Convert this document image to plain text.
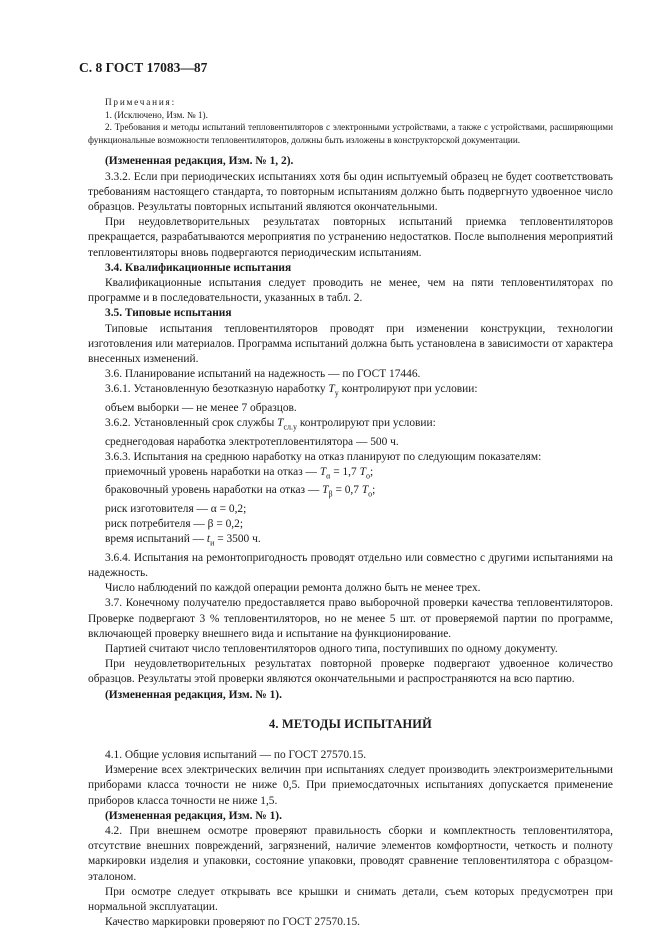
С. 8 ГОСТ 17083—87

Примечания:

1. (Исключено, Изм. № 1).

2. Требования и методы испытаний тепловентиляторов с электронными устройствами, а также с устройствами, расширяющими функциональные возможности тепловентиляторов, должны быть изложены в конструкторской документации.

(Измененная редакция, Изм. № 1, 2).

3.3.2. Если при периодических испытаниях хотя бы один испытуемый образец не будет соответствовать требованиям настоящего стандарта, то повторным испытаниям должно быть подвергнуто удвоенное число образцов. Результаты повторных испытаний являются окончательными.

При неудовлетворительных результатах повторных испытаний приемка тепловентиляторов прекращается, разрабатываются мероприятия по устранению недостатков. После выполнения мероприятий тепловентиляторы вновь подвергаются периодическим испытаниям.

3.4. Квалификационные испытания

Квалификационные испытания следует проводить не менее, чем на пяти тепловентиляторах по программе и в последовательности, указанных в табл. 2.

3.5. Типовые испытания

Типовые испытания тепловентиляторов проводят при изменении конструкции, технологии изготовления или материалов. Программа испытаний должна быть установлена в зависимости от характера внесенных изменений.

3.6. Планирование испытаний на надежность — по ГОСТ 17446.

3.6.1. Установленную безотказную наработку $T_у$ контролируют при условии:

объем выборки — не менее 7 образцов.

3.6.2. Установленный срок службы $T_{сл.у}$ контролируют при условии:

среднегодовая наработка электротепловентилятора — 500 ч.

3.6.3. Испытания на среднюю наработку на отказ планируют по следующим показателям:

приемочный уровень наработки на отказ — $T_\alpha = 1,7$ $T_о$;

браковочный уровень наработки на отказ — $T_\beta = 0,7$ $T_о$;

риск изготовителя — α = 0,2;

риск потребителя — β = 0,2;

время испытаний — $t_и = 3500$ ч.

3.6.4. Испытания на ремонтопригодность проводят отдельно или совместно с другими испытаниями на надежность.

Число наблюдений по каждой операции ремонта должно быть не менее трех.

3.7. Конечному получателю предоставляется право выборочной проверки качества тепловентиляторов. Проверке подвергают 3 % тепловентиляторов, но не менее 5 шт. от проверяемой партии по программе, включающей проверку внешнего вида и испытание на функционирование.

Партией считают число тепловентиляторов одного типа, поступивших по одному документу.

При неудовлетворительных результатах повторной проверке подвергают удвоенное количество образцов. Результаты этой проверки являются окончательными и распространяются на всю партию.

(Измененная редакция, Изм. № 1).

4. МЕТОДЫ ИСПЫТАНИЙ

4.1. Общие условия испытаний — по ГОСТ 27570.15.

Измерение всех электрических величин при испытаниях следует производить электроизмерительными приборами класса точности не ниже 0,5. При приемосдаточных испытаниях допускается применение приборов класса точности не ниже 1,5.

(Измененная редакция, Изм. № 1).

4.2. При внешнем осмотре проверяют правильность сборки и комплектность тепловентилятора, отсутствие внешних повреждений, загрязнений, наличие элементов комфортности, четкость и полноту маркировки изделия и упаковки, состояние упаковки, проводят сравнение тепловентилятора с образцом-эталоном.

При осмотре следует открывать все крышки и снимать детали, съем которых предусмотрен при нормальной эксплуатации.

Качество маркировки проверяют по ГОСТ 27570.15.
